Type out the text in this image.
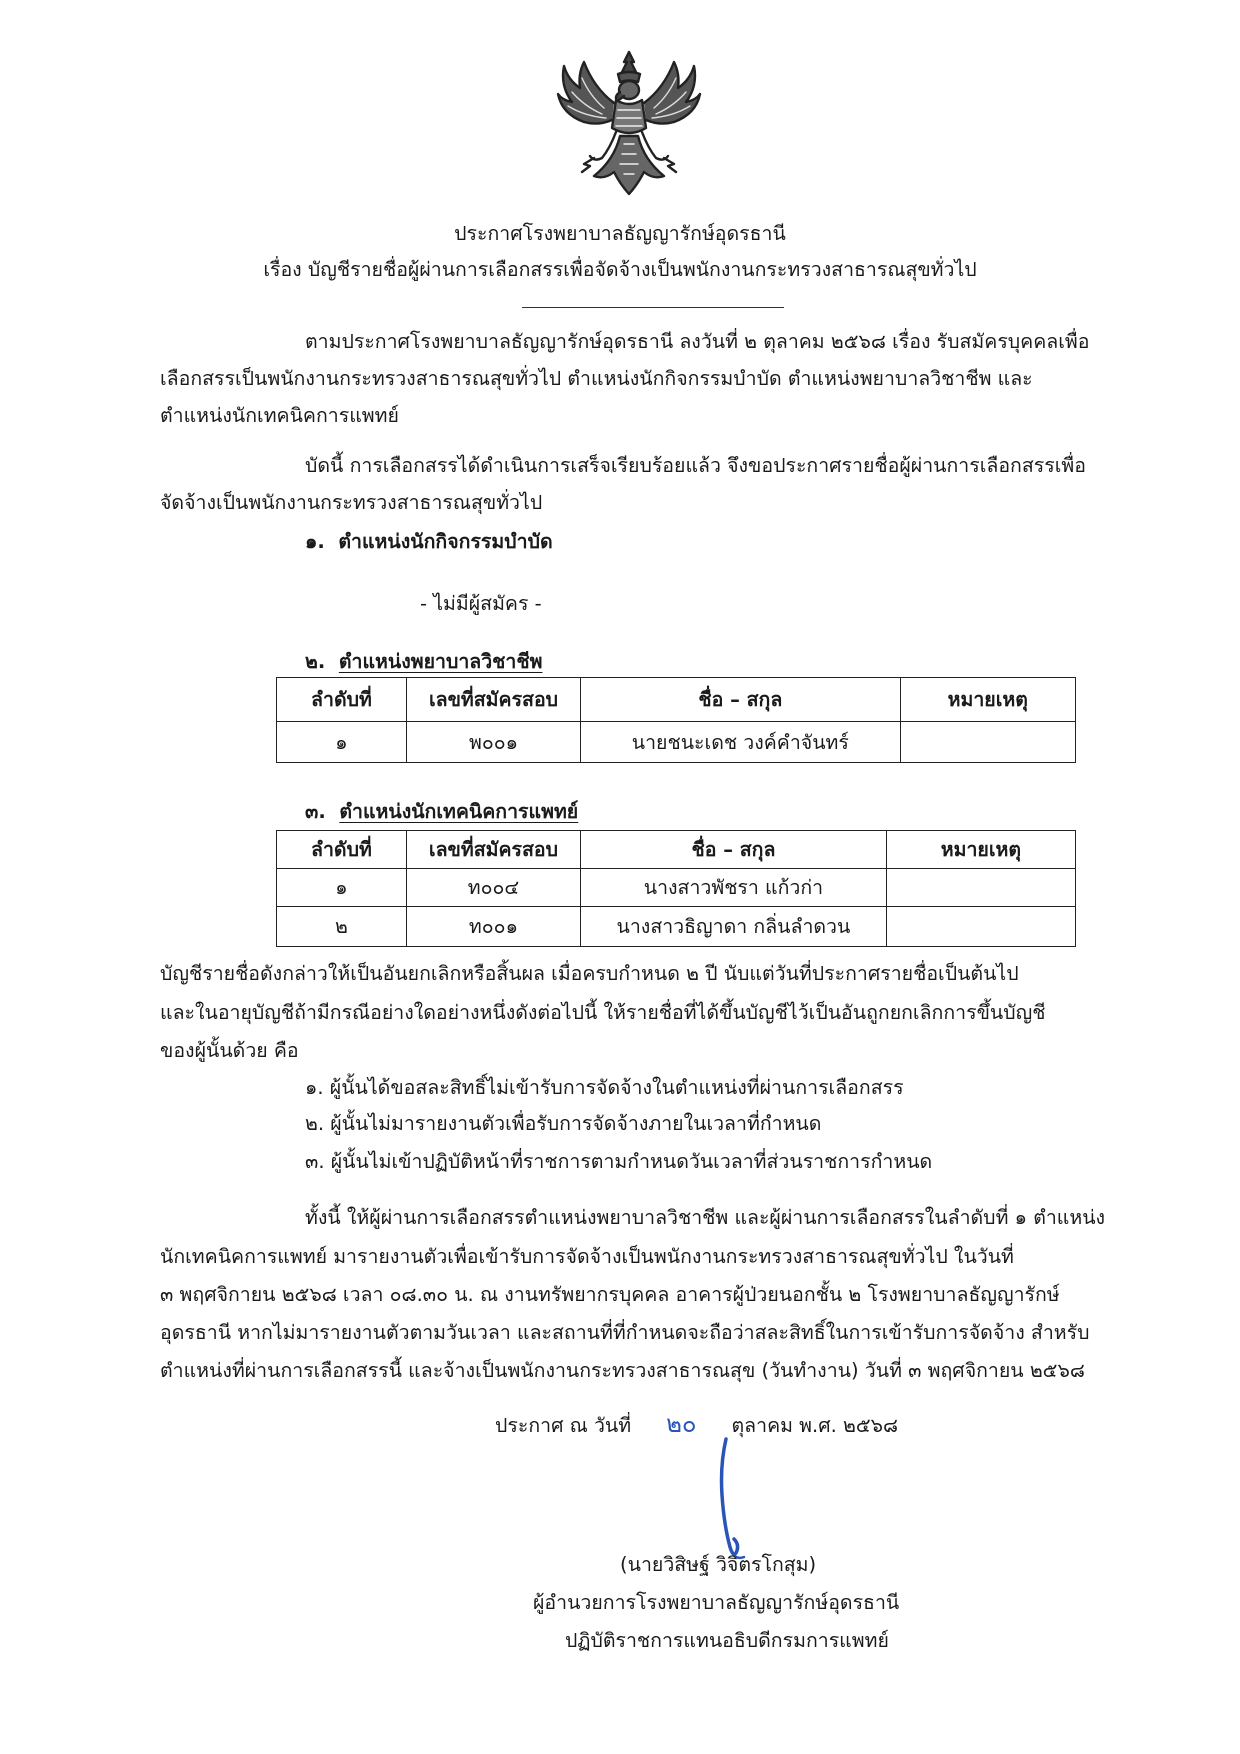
ประกาศโรงพยาบาลธัญญารักษ์อุดรธานี
เรื่อง บัญชีรายชื่อผู้ผ่านการเลือกสรรเพื่อจัดจ้างเป็นพนักงานกระทรวงสาธารณสุขทั่วไป
ตามประกาศโรงพยาบาลธัญญารักษ์อุดรธานี ลงวันที่ ๒ ตุลาคม ๒๕๖๘ เรื่อง รับสมัครบุคคลเพื่อ
เลือกสรรเป็นพนักงานกระทรวงสาธารณสุขทั่วไป ตำแหน่งนักกิจกรรมบำบัด ตำแหน่งพยาบาลวิชาชีพ และ
ตำแหน่งนักเทคนิคการแพทย์
บัดนี้ การเลือกสรรได้ดำเนินการเสร็จเรียบร้อยแล้ว จึงขอประกาศรายชื่อผู้ผ่านการเลือกสรรเพื่อ
จัดจ้างเป็นพนักงานกระทรวงสาธารณสุขทั่วไป
๑. ตำแหน่งนักกิจกรรมบำบัด
- ไม่มีผู้สมัคร -
๒. ตำแหน่งพยาบาลวิชาชีพ
ลำดับที่	เลขที่สมัครสอบ	ชื่อ – สกุล	หมายเหตุ
๑	พ๐๐๑	นายชนะเดช วงค์คำจันทร์	
๓. ตำแหน่งนักเทคนิคการแพทย์
ลำดับที่	เลขที่สมัครสอบ	ชื่อ – สกุล	หมายเหตุ
๑	ท๐๐๔	นางสาวพัชรา แก้วก่า	
๒	ท๐๐๑	นางสาวธิญาดา กลิ่นลำดวน	
บัญชีรายชื่อดังกล่าวให้เป็นอันยกเลิกหรือสิ้นผล เมื่อครบกำหนด ๒ ปี นับแต่วันที่ประกาศรายชื่อเป็นต้นไป
และในอายุบัญชีถ้ามีกรณีอย่างใดอย่างหนึ่งดังต่อไปนี้ ให้รายชื่อที่ได้ขึ้นบัญชีไว้เป็นอันถูกยกเลิกการขึ้นบัญชี
ของผู้นั้นด้วย คือ
๑. ผู้นั้นได้ขอสละสิทธิ์ไม่เข้ารับการจัดจ้างในตำแหน่งที่ผ่านการเลือกสรร
๒. ผู้นั้นไม่มารายงานตัวเพื่อรับการจัดจ้างภายในเวลาที่กำหนด
๓. ผู้นั้นไม่เข้าปฏิบัติหน้าที่ราชการตามกำหนดวันเวลาที่ส่วนราชการกำหนด
ทั้งนี้ ให้ผู้ผ่านการเลือกสรรตำแหน่งพยาบาลวิชาชีพ และผู้ผ่านการเลือกสรรในลำดับที่ ๑ ตำแหน่ง
นักเทคนิคการแพทย์ มารายงานตัวเพื่อเข้ารับการจัดจ้างเป็นพนักงานกระทรวงสาธารณสุขทั่วไป ในวันที่
๓ พฤศจิกายน ๒๕๖๘ เวลา ๐๘.๓๐ น. ณ งานทรัพยากรบุคคล อาคารผู้ป่วยนอกชั้น ๒ โรงพยาบาลธัญญารักษ์
อุดรธานี หากไม่มารายงานตัวตามวันเวลา และสถานที่ที่กำหนดจะถือว่าสละสิทธิ์ในการเข้ารับการจัดจ้าง สำหรับ
ตำแหน่งที่ผ่านการเลือกสรรนี้ และจ้างเป็นพนักงานกระทรวงสาธารณสุข (วันทำงาน) วันที่ ๓ พฤศจิกายน ๒๕๖๘
ประกาศ ณ วันที่ ๒๐ ตุลาคม พ.ศ. ๒๕๖๘
(นายวิสิษฐ์ วิจิตรโกสุม)
ผู้อำนวยการโรงพยาบาลธัญญารักษ์อุดรธานี
ปฏิบัติราชการแทนอธิบดีกรมการแพทย์
